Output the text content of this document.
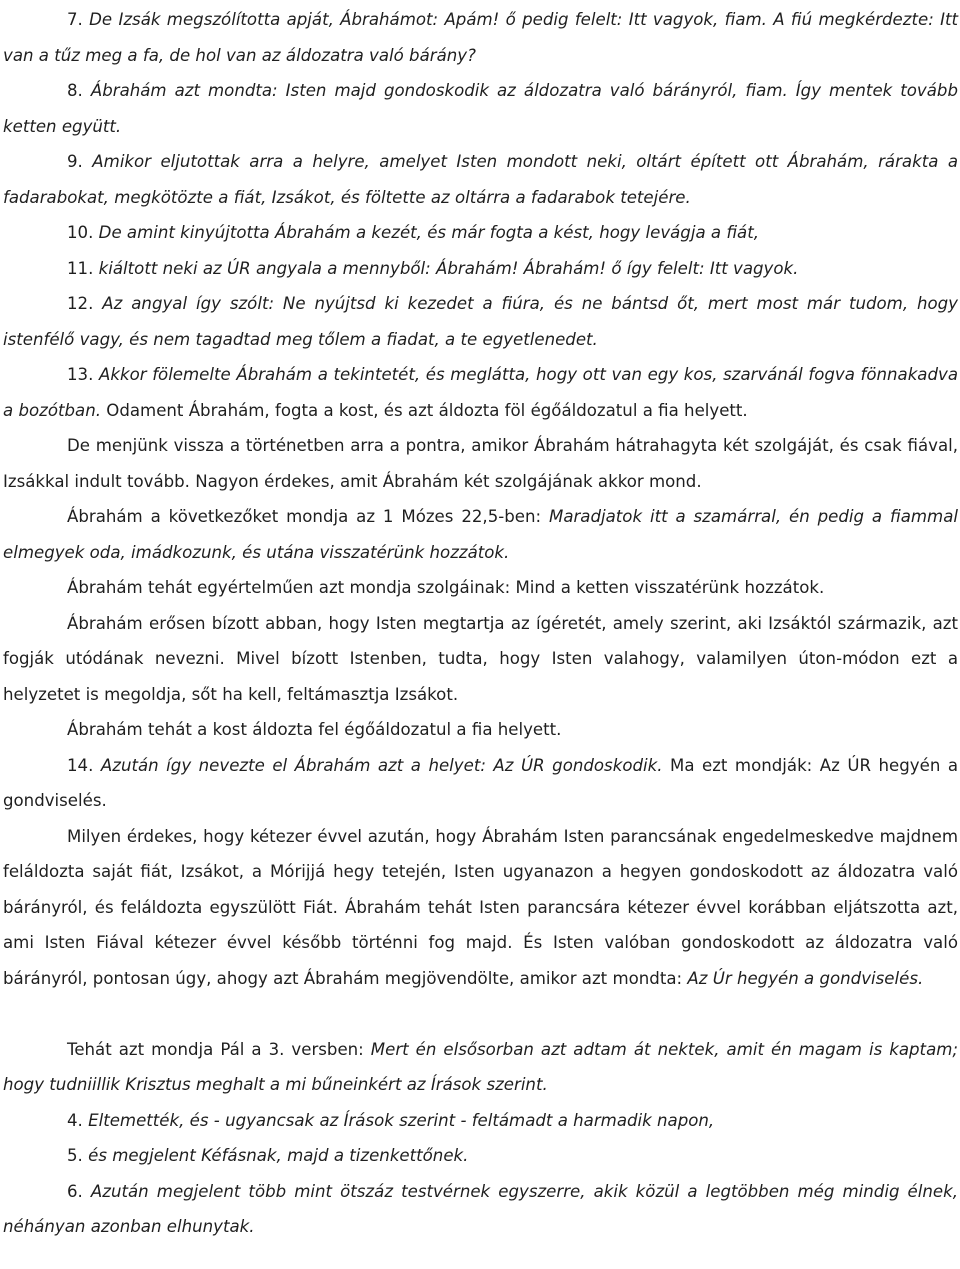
7. De Izsák megszólította apját, Ábrahámot: Apám! ő pedig felelt: Itt vagyok, fiam. A fiú megkérdezte: Itt van a tűz meg a fa, de hol van az áldozatra való bárány?

8. Ábrahám azt mondta: Isten majd gondoskodik az áldozatra való bárányról, fiam. Így mentek tovább ketten együtt.

9. Amikor eljutottak arra a helyre, amelyet Isten mondott neki, oltárt épített ott Ábrahám, rárakta a fadarabokat, megkötözte a fiát, Izsákot, és föltette az oltárra a fadarabok tetejére.

10. De amint kinyújtotta Ábrahám a kezét, és már fogta a kést, hogy levágja a fiát,

11. kiáltott neki az ÚR angyala a mennyből: Ábrahám! Ábrahám! ő így felelt: Itt vagyok.

12. Az angyal így szólt: Ne nyújtsd ki kezedet a fiúra, és ne bántsd őt, mert most már tudom, hogy istenfélő vagy, és nem tagadtad meg tőlem a fiadat, a te egyetlenedet.

13. Akkor fölemelte Ábrahám a tekintetét, és meglátta, hogy ott van egy kos, szarvánál fogva fönnakadva a bozótban. Odament Ábrahám, fogta a kost, és azt áldozta föl égőáldozatul a fia helyett.

De menjünk vissza a történetben arra a pontra, amikor Ábrahám hátrahagyta két szolgáját, és csak fiával, Izsákkal indult tovább. Nagyon érdekes, amit Ábrahám két szolgájának akkor mond.

Ábrahám a következőket mondja az 1 Mózes 22,5-ben: Maradjatok itt a szamárral, én pedig a fiammal elmegyek oda, imádkozunk, és utána visszatérünk hozzátok.

Ábrahám tehát egyértelműen azt mondja szolgáinak: Mind a ketten visszatérünk hozzátok.

Ábrahám erősen bízott abban, hogy Isten megtartja az ígéretét, amely szerint, aki Izsáktól származik, azt fogják utódának nevezni. Mivel bízott Istenben, tudta, hogy Isten valahogy, valamilyen úton-módon ezt a helyzetet is megoldja, sőt ha kell, feltámasztja Izsákot.

Ábrahám tehát a kost áldozta fel égőáldozatul a fia helyett.

14. Azután így nevezte el Ábrahám azt a helyet: Az ÚR gondoskodik. Ma ezt mondják: Az ÚR hegyén a gondviselés.

Milyen érdekes, hogy kétezer évvel azután, hogy Ábrahám Isten parancsának engedelmeskedve majdnem feláldozta saját fiát, Izsákot, a Mórijjá hegy tetején, Isten ugyanazon a hegyen gondoskodott az áldozatra való bárányról, és feláldozta egyszülött Fiát. Ábrahám tehát Isten parancsára kétezer évvel korábban eljátszotta azt, ami Isten Fiával kétezer évvel később történni fog majd. És Isten valóban gondoskodott az áldozatra való bárányról, pontosan úgy, ahogy azt Ábrahám megjövendölte, amikor azt mondta: Az Úr hegyén a gondviselés.

Tehát azt mondja Pál a 3. versben: Mert én elsősorban azt adtam át nektek, amit én magam is kaptam; hogy tudniillik Krisztus meghalt a mi bűneinkért az Írások szerint.

4. Eltemették, és - ugyancsak az Írások szerint - feltámadt a harmadik napon,

5. és megjelent Kéfásnak, majd a tizenkettőnek.

6. Azután megjelent több mint ötszáz testvérnek egyszerre, akik közül a legtöbben még mindig élnek, néhányan azonban elhunytak.
